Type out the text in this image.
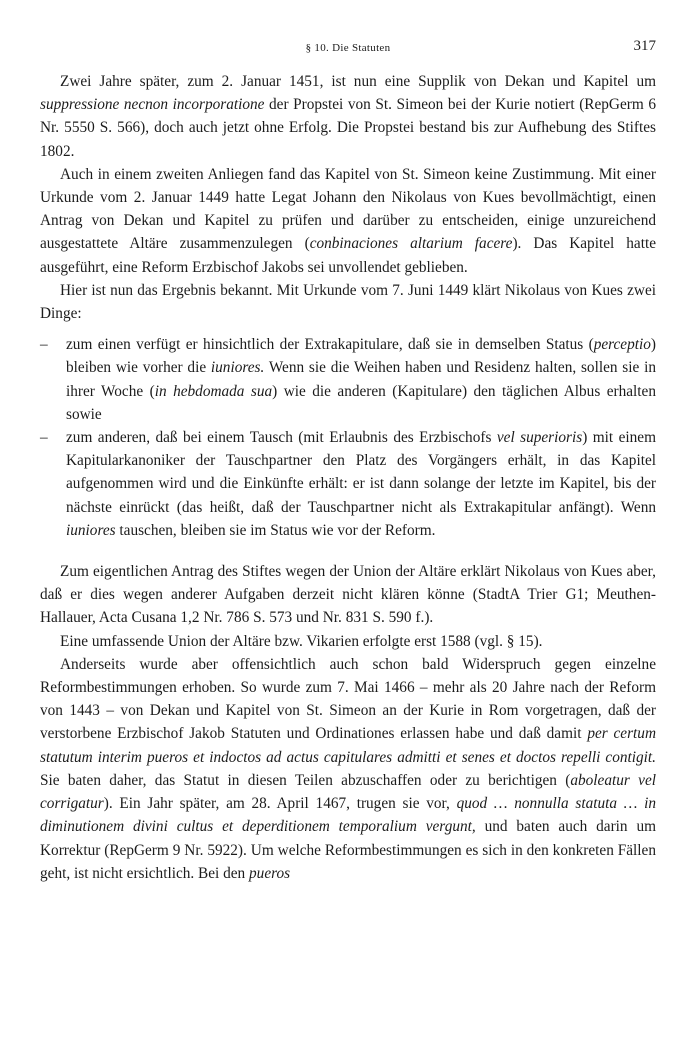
§ 10. Die Statuten	317

Zwei Jahre später, zum 2. Januar 1451, ist nun eine Supplik von Dekan und Kapitel um suppressione necnon incorporatione der Propstei von St. Simeon bei der Kurie notiert (RepGerm 6 Nr. 5550 S. 566), doch auch jetzt ohne Erfolg. Die Propstei bestand bis zur Aufhebung des Stiftes 1802.

Auch in einem zweiten Anliegen fand das Kapitel von St. Simeon keine Zustimmung. Mit einer Urkunde vom 2. Januar 1449 hatte Legat Johann den Nikolaus von Kues bevollmächtigt, einen Antrag von Dekan und Kapitel zu prüfen und darüber zu entscheiden, einige unzureichend ausgestattete Altäre zusammenzulegen (conbinaciones altarium facere). Das Kapitel hatte ausgeführt, eine Reform Erzbischof Jakobs sei unvollendet geblieben.

Hier ist nun das Ergebnis bekannt. Mit Urkunde vom 7. Juni 1449 klärt Nikolaus von Kues zwei Dinge:

– zum einen verfügt er hinsichtlich der Extrakapitulare, daß sie in demselben Status (perceptio) bleiben wie vorher die iuniores. Wenn sie die Weihen haben und Residenz halten, sollen sie in ihrer Woche (in hebdomada sua) wie die anderen (Kapitulare) den täglichen Albus erhalten sowie
– zum anderen, daß bei einem Tausch (mit Erlaubnis des Erzbischofs vel superioris) mit einem Kapitularkanoniker der Tauschpartner den Platz des Vorgängers erhält, in das Kapitel aufgenommen wird und die Einkünfte erhält: er ist dann solange der letzte im Kapitel, bis der nächste einrückt (das heißt, daß der Tauschpartner nicht als Extrakapitular anfängt). Wenn iuniores tauschen, bleiben sie im Status wie vor der Reform.

Zum eigentlichen Antrag des Stiftes wegen der Union der Altäre erklärt Nikolaus von Kues aber, daß er dies wegen anderer Aufgaben derzeit nicht klären könne (StadtA Trier G1; Meuthen-Hallauer, Acta Cusana 1,2 Nr. 786 S. 573 und Nr. 831 S. 590 f.).

Eine umfassende Union der Altäre bzw. Vikarien erfolgte erst 1588 (vgl. § 15).

Anderseits wurde aber offensichtlich auch schon bald Widerspruch gegen einzelne Reformbestimmungen erhoben. So wurde zum 7. Mai 1466 – mehr als 20 Jahre nach der Reform von 1443 – von Dekan und Kapitel von St. Simeon an der Kurie in Rom vorgetragen, daß der verstorbene Erzbischof Jakob Statuten und Ordinationes erlassen habe und daß damit per certum statutum interim pueros et indoctos ad actus capitulares admitti et senes et doctos repelli contigit. Sie baten daher, das Statut in diesen Teilen abzuschaffen oder zu berichtigen (aboleatur vel corrigatur). Ein Jahr später, am 28. April 1467, trugen sie vor, quod … nonnulla statuta … in diminutionem divini cultus et deperditionem temporalium vergunt, und baten auch darin um Korrektur (RepGerm 9 Nr. 5922). Um welche Reformbestimmungen es sich in den konkreten Fällen geht, ist nicht ersichtlich. Bei den pueros
